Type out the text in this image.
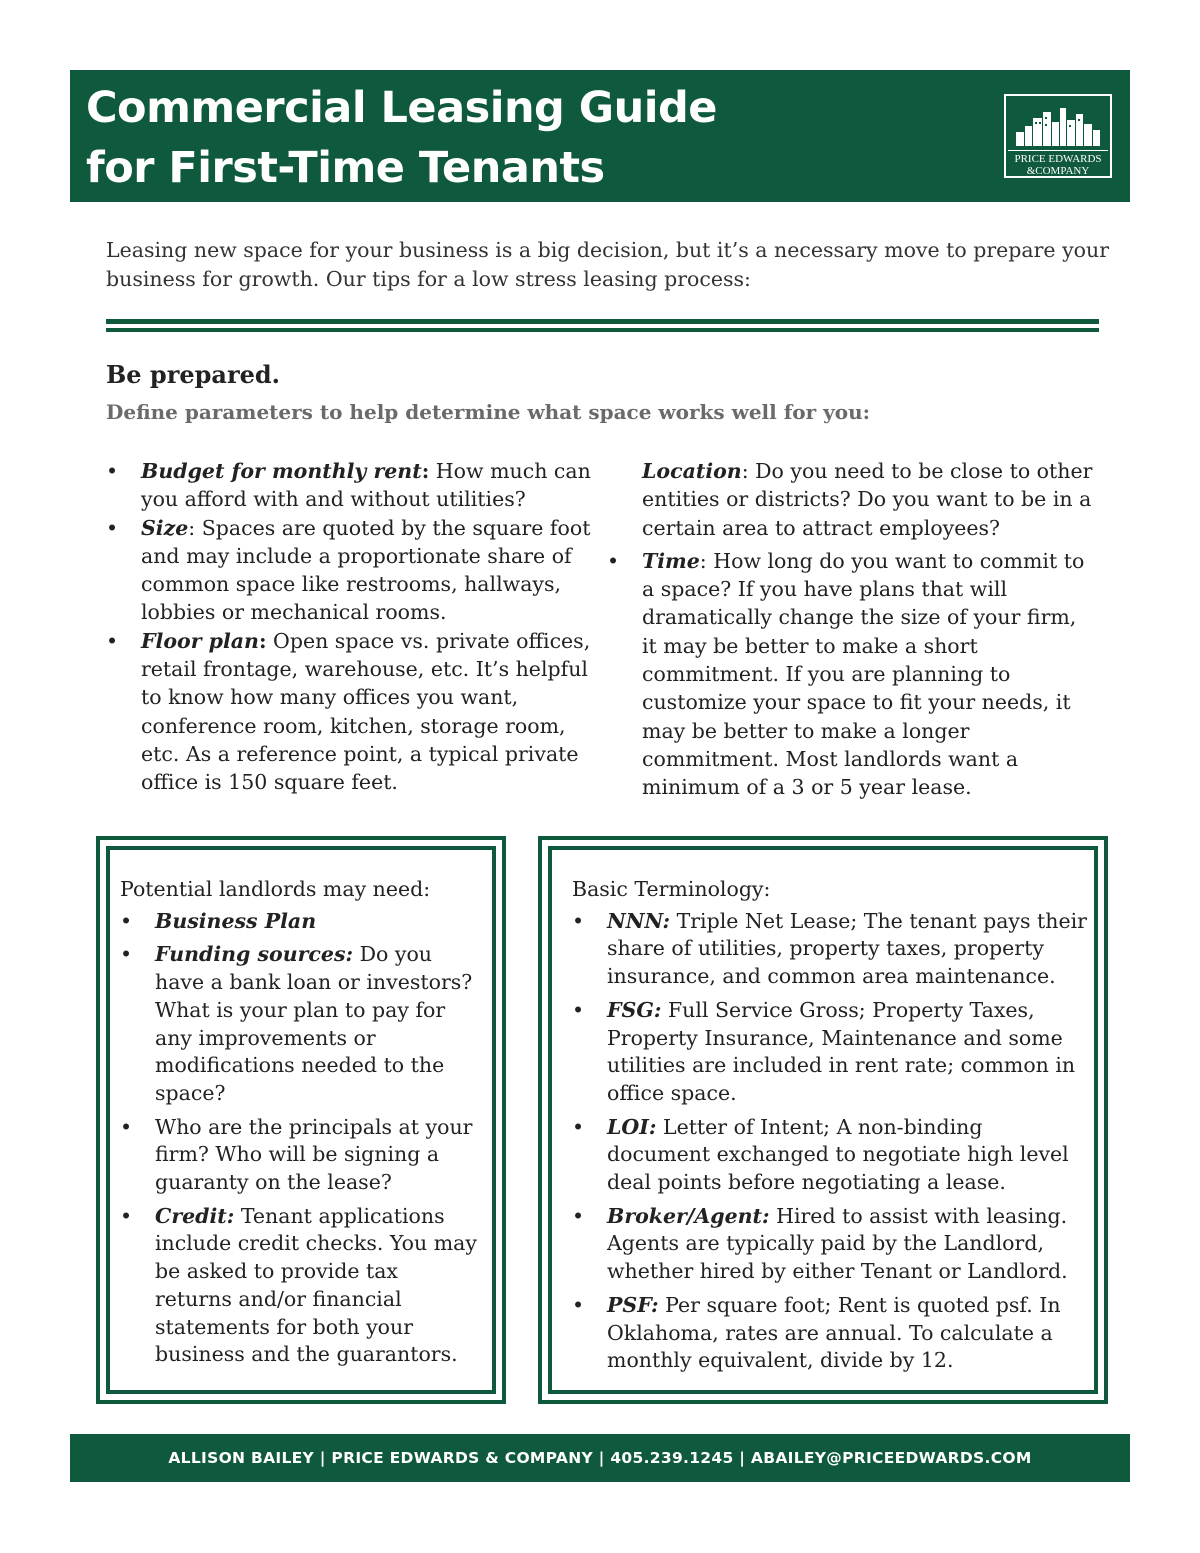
Commercial Leasing Guide
for First-Time Tenants	PRICE EDWARDS
&COMPANY
Leasing new space for your business is a big decision, but it’s a necessary move to prepare your business for growth. Our tips for a low stress leasing process:
Be prepared.
Define parameters to help determine what space works well for you:
• Budget for monthly rent: How much can you afford with and without utilities?
• Size: Spaces are quoted by the square foot and may include a proportionate share of common space like restrooms, hallways, lobbies or mechanical rooms.
• Floor plan: Open space vs. private offices, retail frontage, warehouse, etc. It’s helpful to know how many offices you want, conference room, kitchen, storage room, etc. As a reference point, a typical private office is 150 square feet.
Location: Do you need to be close to other entities or districts? Do you want to be in a certain area to attract employees?
• Time: How long do you want to commit to a space? If you have plans that will dramatically change the size of your firm, it may be better to make a short commitment. If you are planning to customize your space to fit your needs, it may be better to make a longer commitment. Most landlords want a minimum of a 3 or 5 year lease.
Potential landlords may need:
• Business Plan
• Funding sources: Do you have a bank loan or investors? What is your plan to pay for any improvements or modifications needed to the space?
• Who are the principals at your firm? Who will be signing a guaranty on the lease?
• Credit: Tenant applications include credit checks. You may be asked to provide tax returns and/or financial statements for both your business and the guarantors.
Basic Terminology:
• NNN: Triple Net Lease; The tenant pays their share of utilities, property taxes, property insurance, and common area maintenance.
• FSG: Full Service Gross; Property Taxes, Property Insurance, Maintenance and some utilities are included in rent rate; common in office space.
• LOI: Letter of Intent; A non-binding document exchanged to negotiate high level deal points before negotiating a lease.
• Broker/Agent: Hired to assist with leasing. Agents are typically paid by the Landlord, whether hired by either Tenant or Landlord.
• PSF: Per square foot; Rent is quoted psf. In Oklahoma, rates are annual. To calculate a monthly equivalent, divide by 12.
ALLISON BAILEY | PRICE EDWARDS & COMPANY | 405.239.1245 | ABAILEY@PRICEEDWARDS.COM
